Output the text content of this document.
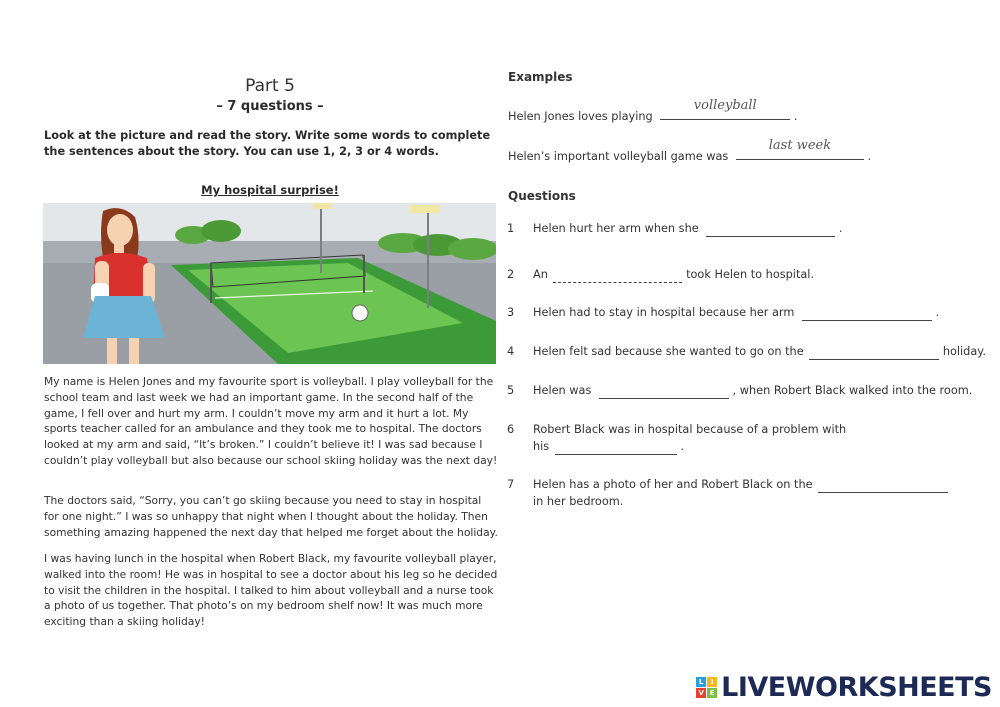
Part 5
– 7 questions –
Look at the picture and read the story. Write some words to complete the sentences about the story. You can use 1, 2, 3 or 4 words.
My hospital surprise!
My name is Helen Jones and my favourite sport is volleyball. I play volleyball for the school team and last week we had an important game. In the second half of the game, I fell over and hurt my arm. I couldn’t move my arm and it hurt a lot. My sports teacher called for an ambulance and they took me to hospital. The doctors looked at my arm and said, “It’s broken.” I couldn’t believe it! I was sad because I couldn’t play volleyball but also because our school skiing holiday was the next day!
The doctors said, “Sorry, you can’t go skiing because you need to stay in hospital for one night.” I was so unhappy that night when I thought about the holiday. Then something amazing happened the next day that helped me forget about the holiday.
I was having lunch in the hospital when Robert Black, my favourite volleyball player, walked into the room! He was in hospital to see a doctor about his leg so he decided to visit the children in the hospital. I talked to him about volleyball and a nurse took a photo of us together. That photo’s on my bedroom shelf now! It was much more exciting than a skiing holiday!
Examples
Helen Jones loves playing
volleyball
.
Helen’s important volleyball game was
last week
.
Questions
1 Helen hurt her arm when she	.
2 An	took Helen to hospital.
3 Helen had to stay in hospital because her arm	.
4 Helen felt sad because she wanted to go on the	holiday.
5 Helen was	, when Robert Black walked into the room.
6 Robert Black was in hospital because of a problem with
his	.
7 Helen has a photo of her and Robert Black on the
in her bedroom.
L	I
V E LIVEWORKSHEETS
